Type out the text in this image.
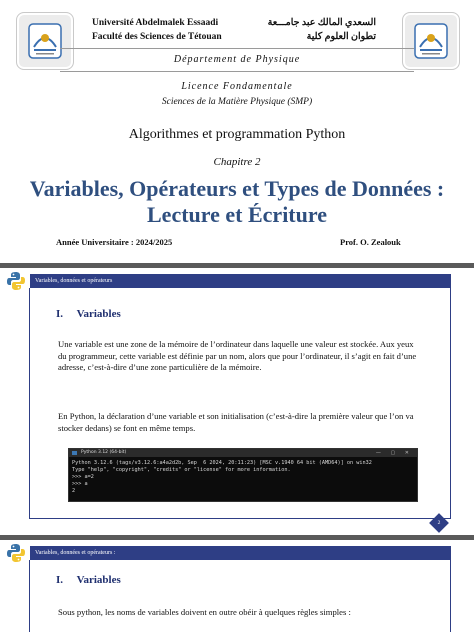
Université Abdelmalek Essaadi
Faculté des Sciences de Tétouan
السعدي المالك عبد جامـــعة
تطوان العلوم كلية
Département de Physique
Licence Fondamentale
Sciences de la Matière Physique (SMP)
Algorithmes et programmation Python
Chapitre 2
Variables, Opérateurs et Types de Données :
Lecture et Écriture
Année Universitaire : 2024/2025	Prof. O. Zealouk
Variables, données et opérateurs
I. Variables
Une variable est une zone de la mémoire de l’ordinateur dans laquelle une valeur est stockée. Aux yeux du programmeur, cette variable est définie par un nom, alors que pour l’ordinateur, il s’agit en fait d’une adresse, c’est-à-dire d’une zone particulière de la mémoire.
En Python, la déclaration d’une variable et son initialisation (c’est-à-dire la première valeur que l’on va stocker dedans) se font en même temps.
Python 3.12 (64-bit)	— ▢ ✕
Python 3.12.6 (tags/v3.12.6:a4a2d2b, Sep  6 2024, 20:11:23) [MSC v.1940 64 bit (AMD64)] on win32
Type "help", "copyright", "credits" or "license" for more information.
>>> a=2
>>> a
2
2
Variables, données et opérateurs :
I. Variables
Sous python, les noms de variables doivent en outre obéir à quelques règles simples :
